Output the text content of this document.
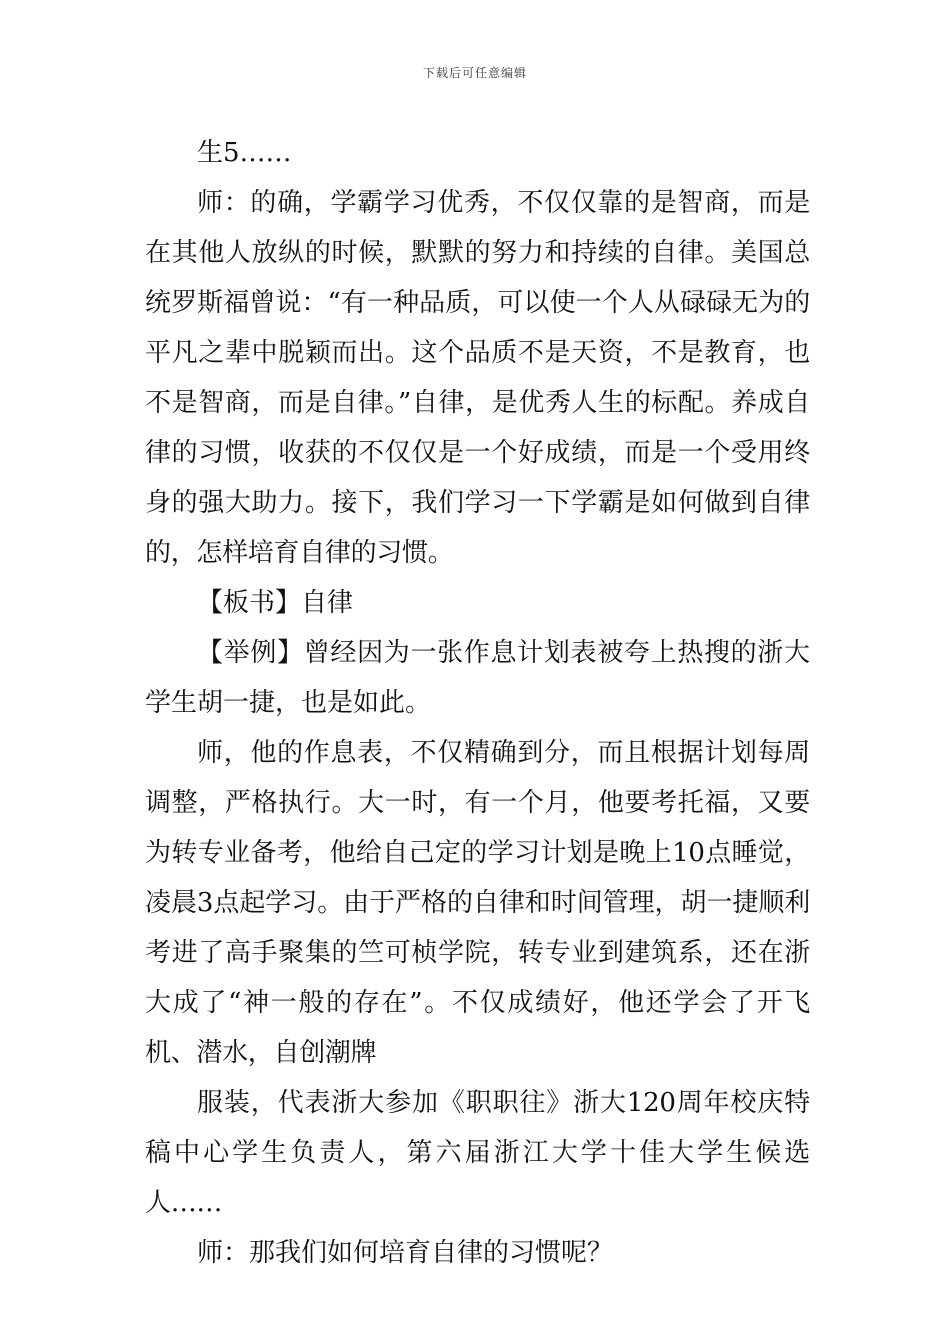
下载后可任意编辑

生5……

师：的确，学霸学习优秀，不仅仅靠的是智商，而是在其他人放纵的时候，默默的努力和持续的自律。美国总统罗斯福曾说：“有一种品质，可以使一个人从碌碌无为的平凡之辈中脱颖而出。这个品质不是天资，不是教育，也不是智商，而是自律。”自律，是优秀人生的标配。养成自律的习惯，收获的不仅仅是一个好成绩，而是一个受用终身的强大助力。接下，我们学习一下学霸是如何做到自律的，怎样培育自律的习惯。

【板书】自律

【举例】曾经因为一张作息计划表被夸上热搜的浙大学生胡一捷，也是如此。

师，他的作息表，不仅精确到分，而且根据计划每周调整，严格执行。大一时，有一个月，他要考托福，又要为转专业备考，他给自己定的学习计划是晚上10点睡觉，凌晨3点起学习。由于严格的自律和时间管理，胡一捷顺利考进了高手聚集的竺可桢学院，转专业到建筑系，还在浙大成了“神一般的存在”。不仅成绩好，他还学会了开飞机、潜水，自创潮牌

服装，代表浙大参加《职职往》浙大120周年校庆特稿中心学生负责人，第六届浙江大学十佳大学生候选人……

师：那我们如何培育自律的习惯呢？
